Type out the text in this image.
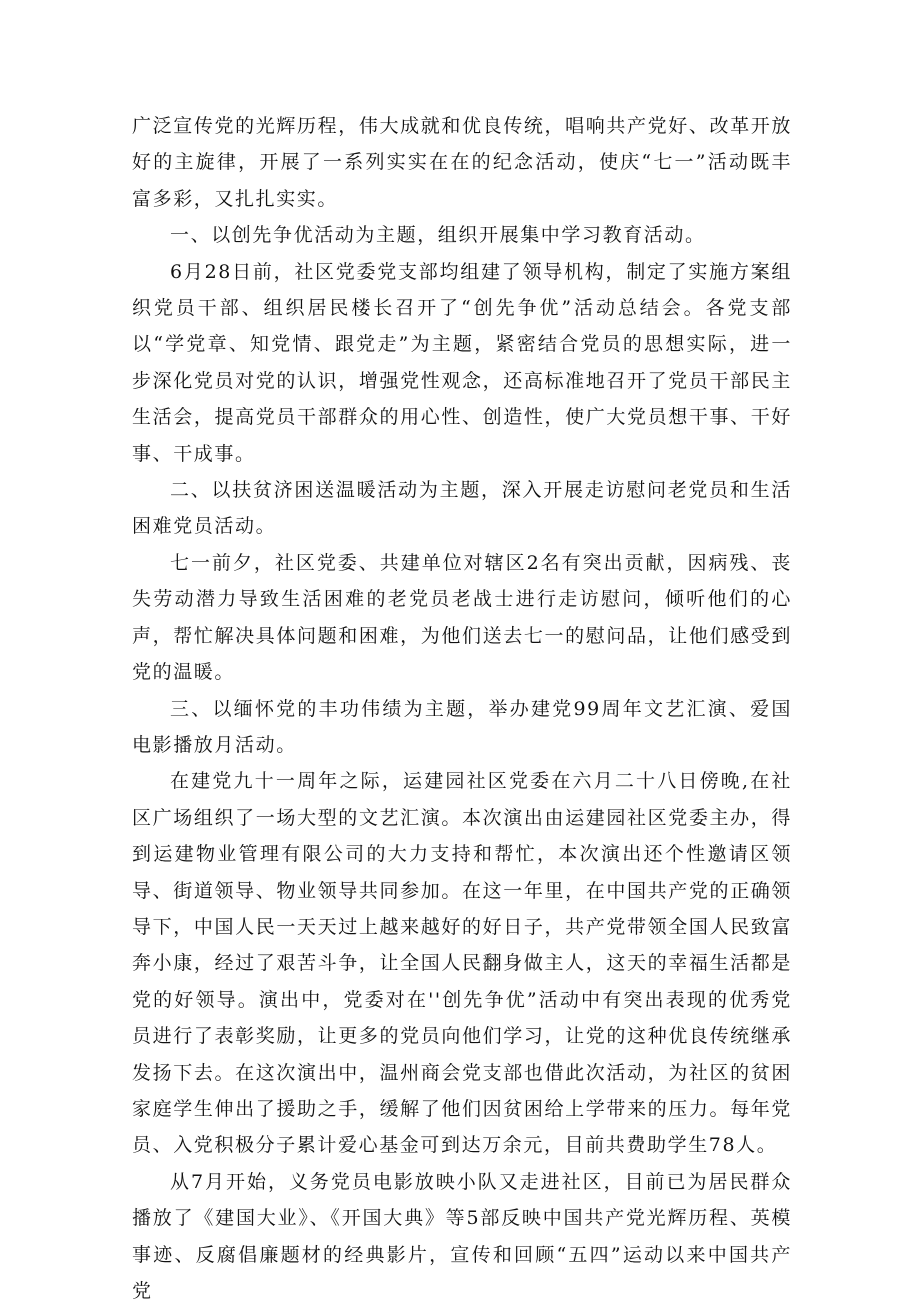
广泛宣传党的光辉历程，伟大成就和优良传统，唱响共产党好、改革开放好的主旋律，开展了一系列实实在在的纪念活动，使庆“七一”活动既丰富多彩，又扎扎实实。

一、以创先争优活动为主题，组织开展集中学习教育活动。

6月28日前，社区党委党支部均组建了领导机构，制定了实施方案组织党员干部、组织居民楼长召开了“创先争优”活动总结会。各党支部以“学党章、知党情、跟党走”为主题，紧密结合党员的思想实际，进一步深化党员对党的认识，增强党性观念，还高标准地召开了党员干部民主生活会，提高党员干部群众的用心性、创造性，使广大党员想干事、干好事、干成事。

二、以扶贫济困送温暖活动为主题，深入开展走访慰问老党员和生活困难党员活动。

七一前夕，社区党委、共建单位对辖区2名有突出贡献，因病残、丧失劳动潜力导致生活困难的老党员老战士进行走访慰问，倾听他们的心声，帮忙解决具体问题和困难，为他们送去七一的慰问品，让他们感受到党的温暖。

三、以缅怀党的丰功伟绩为主题，举办建党99周年文艺汇演、爱国电影播放月活动。

在建党九十一周年之际，运建园社区党委在六月二十八日傍晚,在社区广场组织了一场大型的文艺汇演。本次演出由运建园社区党委主办，得到运建物业管理有限公司的大力支持和帮忙，本次演出还个性邀请区领导、街道领导、物业领导共同参加。在这一年里，在中国共产党的正确领导下，中国人民一天天过上越来越好的好日子，共产党带领全国人民致富奔小康，经过了艰苦斗争，让全国人民翻身做主人，这天的幸福生活都是党的好领导。演出中，党委对在''创先争优”活动中有突出表现的优秀党员进行了表彰奖励，让更多的党员向他们学习，让党的这种优良传统继承发扬下去。在这次演出中，温州商会党支部也借此次活动，为社区的贫困家庭学生伸出了援助之手，缓解了他们因贫困给上学带来的压力。每年党员、入党积极分子累计爱心基金可到达万余元，目前共费助学生78人。

从7月开始，义务党员电影放映小队又走进社区，目前已为居民群众播放了《建国大业》、《开国大典》等5部反映中国共产党光辉历程、英模事迹、反腐倡廉题材的经典影片，宣传和回顾“五四”运动以来中国共产党
